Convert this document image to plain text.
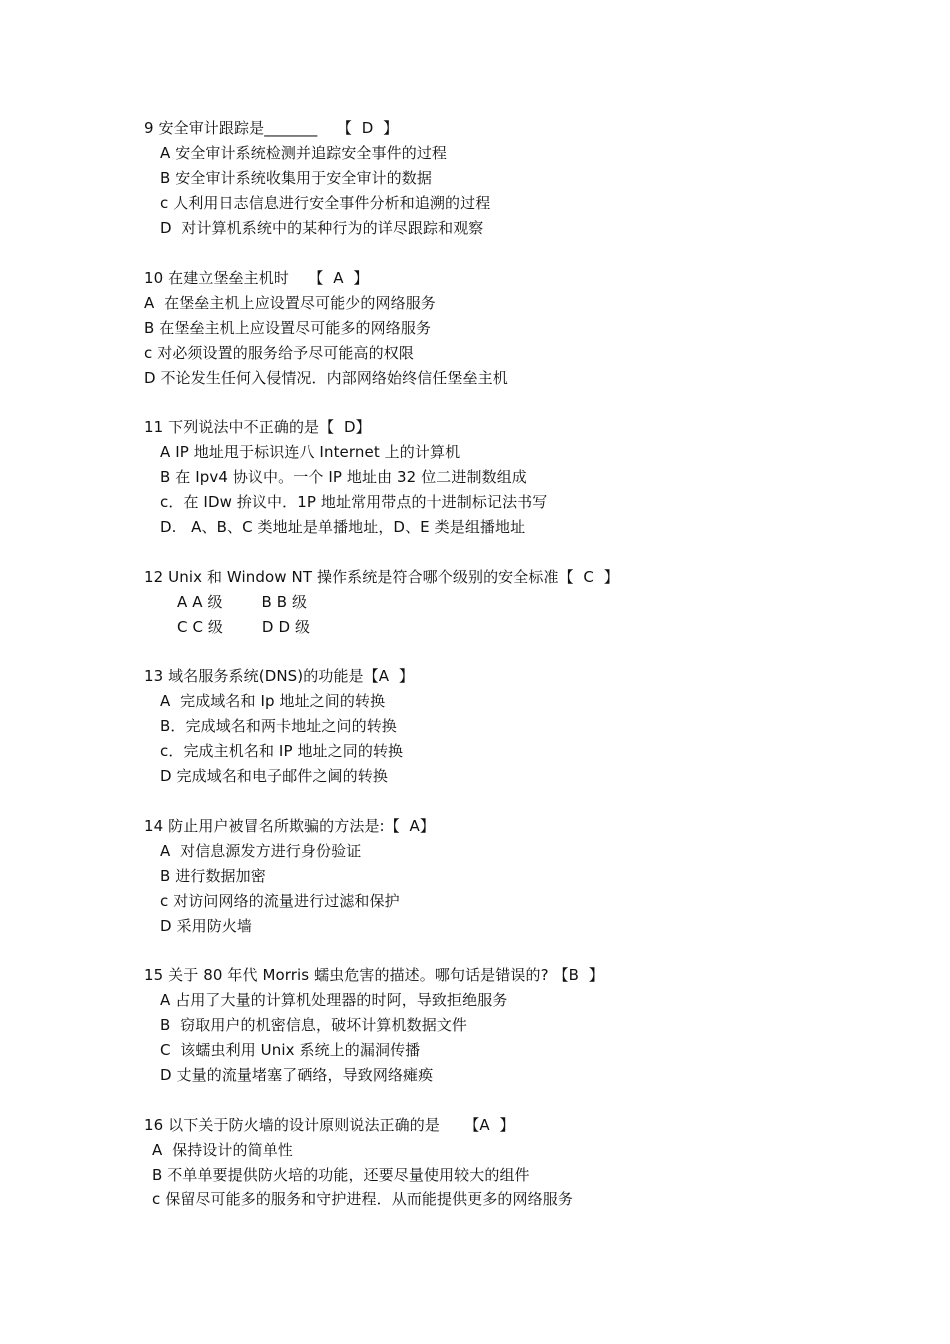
9 安全审计跟踪是_______    【  D  】
A 安全审计系统检测并追踪安全事件的过程
B 安全审计系统收集用于安全审计的数据
c 人利用日志信息进行安全事件分析和追溯的过程
D  对计算机系统中的某种行为的详尽跟踪和观察
10 在建立堡垒主机时    【  A  】
A  在堡垒主机上应设置尽可能少的网络服务
B 在堡垒主机上应设置尽可能多的网络服务
c 对必须设置的服务给予尽可能高的权限
D 不论发生任何入侵情况．内部网络始终信任堡垒主机
11 下列说法中不正确的是【  D】
A IP 地址甩于标识连八 Internet 上的计算机
B 在 Ipv4 协议中。一个 IP 地址由 32 位二进制数组成
c．在 IDw 拚议中．1P 地址常用带点的十进制标记法书写
D.   A、B、C 类地址是单播地址，D、E 类是组播地址
12 Unix 和 Window NT 操作系统是符合哪个级别的安全标准【  C  】
A A 级        B B 级
C C 级        D D 级
13 域名服务系统(DNS)的功能是【A  】
A  完成域名和 Ip 地址之间的转换
B．完成域名和两卡地址之问的转换
c．完成主机名和 IP 地址之同的转换
D 完成域名和电子邮件之阃的转换
14 防止用户被冒名所欺骗的方法是:【  A】
A  对信息源发方进行身份验证
B 进行数据加密
c 对访问网络的流量进行过滤和保护
D 采用防火墙
15 关于 80 年代 Morris 蠕虫危害的描述。哪句话是错误的? 【B  】
A 占用了大量的计算机处理器的时阿，导致拒绝服务
B  窃取用户的机密信息，破坏计算机数据文件
C  该蠕虫利用 Unix 系统上的漏洞传播
D 丈量的流量堵塞了硒络，导致网络瘫痪
16 以下关于防火墙的设计原则说法正确的是     【A  】
A  保持设计的简单性
B 不单单要提供防火培的功能，还要尽量使用较大的组件
c 保留尽可能多的服务和守护进程．从而能提供更多的网络服务
